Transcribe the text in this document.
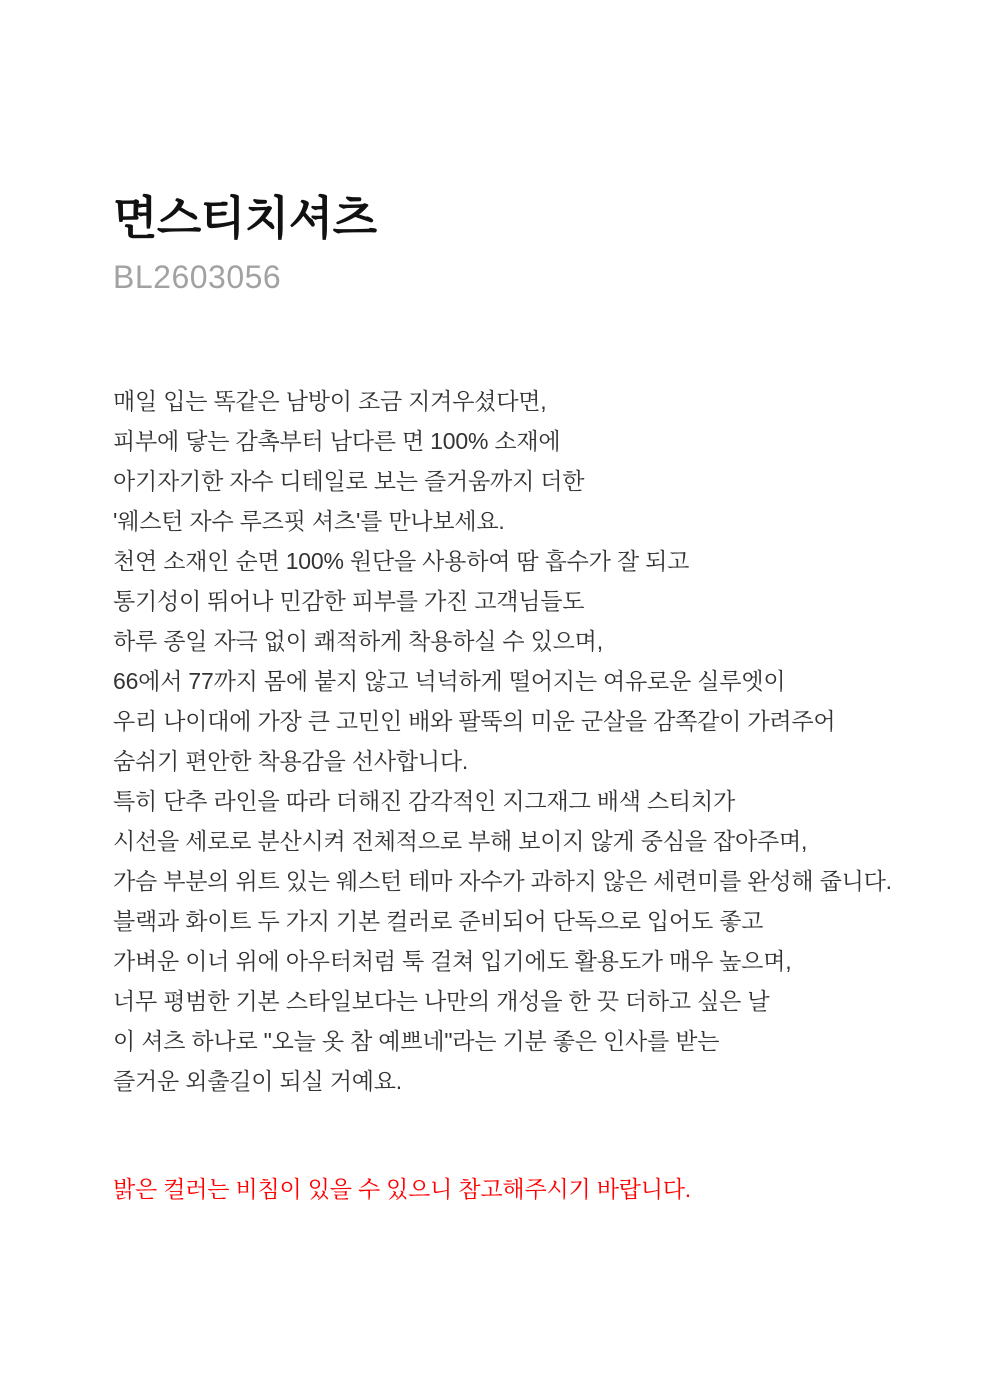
면스티치셔츠
BL2603056
매일 입는 똑같은 남방이 조금 지겨우셨다면,
피부에 닿는 감촉부터 남다른 면 100% 소재에
아기자기한 자수 디테일로 보는 즐거움까지 더한
'웨스턴 자수 루즈핏 셔츠'를 만나보세요.
천연 소재인 순면 100% 원단을 사용하여 땀 흡수가 잘 되고
통기성이 뛰어나 민감한 피부를 가진 고객님들도
하루 종일 자극 없이 쾌적하게 착용하실 수 있으며,
66에서 77까지 몸에 붙지 않고 넉넉하게 떨어지는 여유로운 실루엣이
우리 나이대에 가장 큰 고민인 배와 팔뚝의 미운 군살을 감쪽같이 가려주어
숨쉬기 편안한 착용감을 선사합니다.
특히 단추 라인을 따라 더해진 감각적인 지그재그 배색 스티치가
시선을 세로로 분산시켜 전체적으로 부해 보이지 않게 중심을 잡아주며,
가슴 부분의 위트 있는 웨스턴 테마 자수가 과하지 않은 세련미를 완성해 줍니다.
블랙과 화이트 두 가지 기본 컬러로 준비되어 단독으로 입어도 좋고
가벼운 이너 위에 아우터처럼 툭 걸쳐 입기에도 활용도가 매우 높으며,
너무 평범한 기본 스타일보다는 나만의 개성을 한 끗 더하고 싶은 날
이 셔츠 하나로 "오늘 옷 참 예쁘네"라는 기분 좋은 인사를 받는
즐거운 외출길이 되실 거예요.
밝은 컬러는 비침이 있을 수 있으니 참고해주시기 바랍니다.
